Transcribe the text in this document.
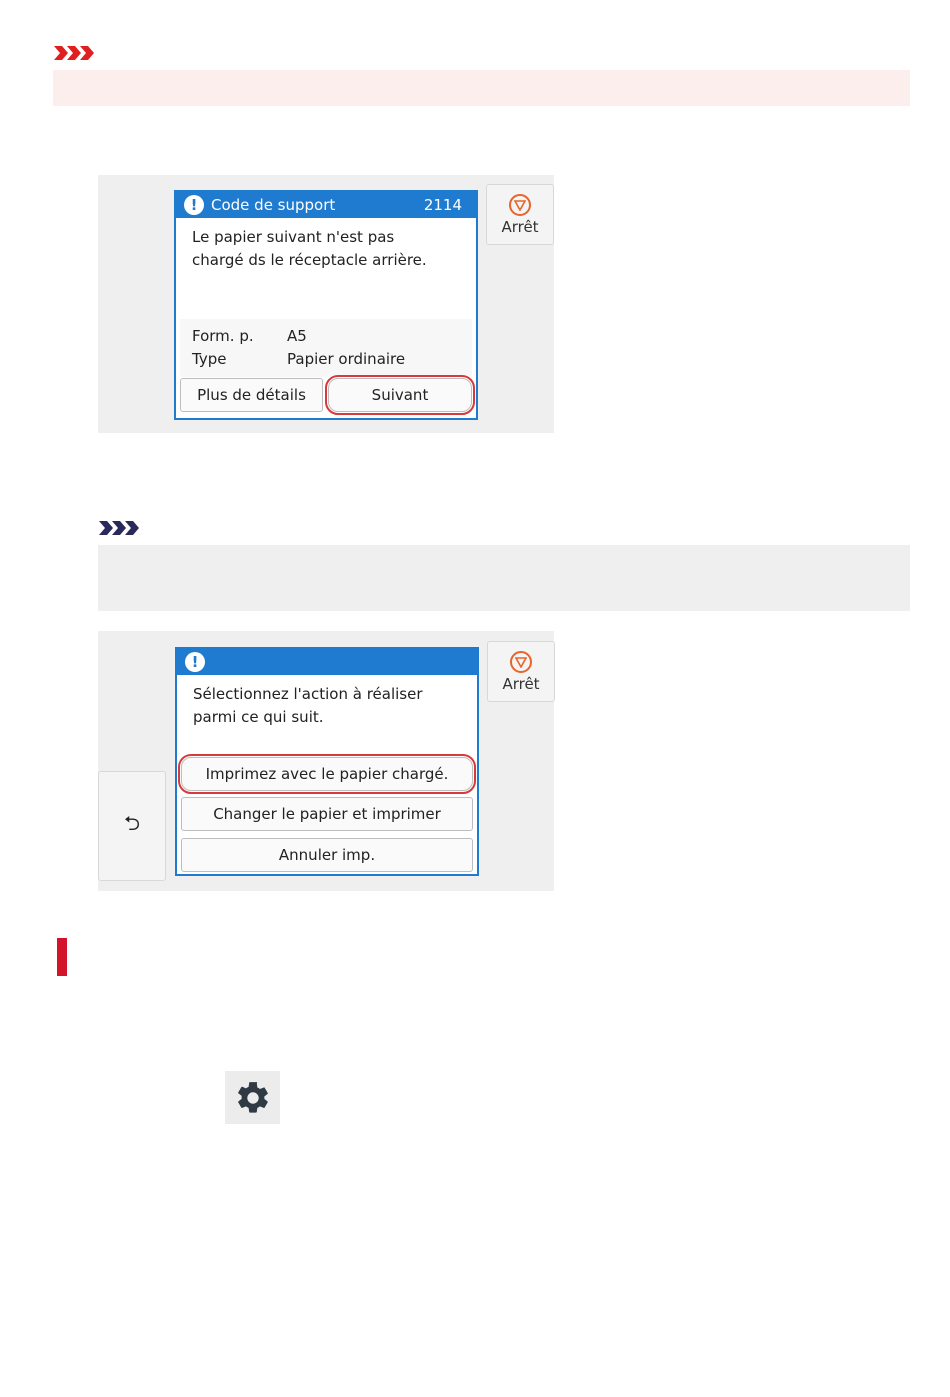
! Code de support	2114
Le papier suivant n'est pas
chargé ds le réceptacle arrière.
Form. p.	A5
Type	Papier ordinaire
Plus de détails	Suivant
Arrêt
⮌
!
Sélectionnez l'action à réaliser
parmi ce qui suit.
Imprimez avec le papier chargé.
Changer le papier et imprimer
Annuler imp.
Arrêt
